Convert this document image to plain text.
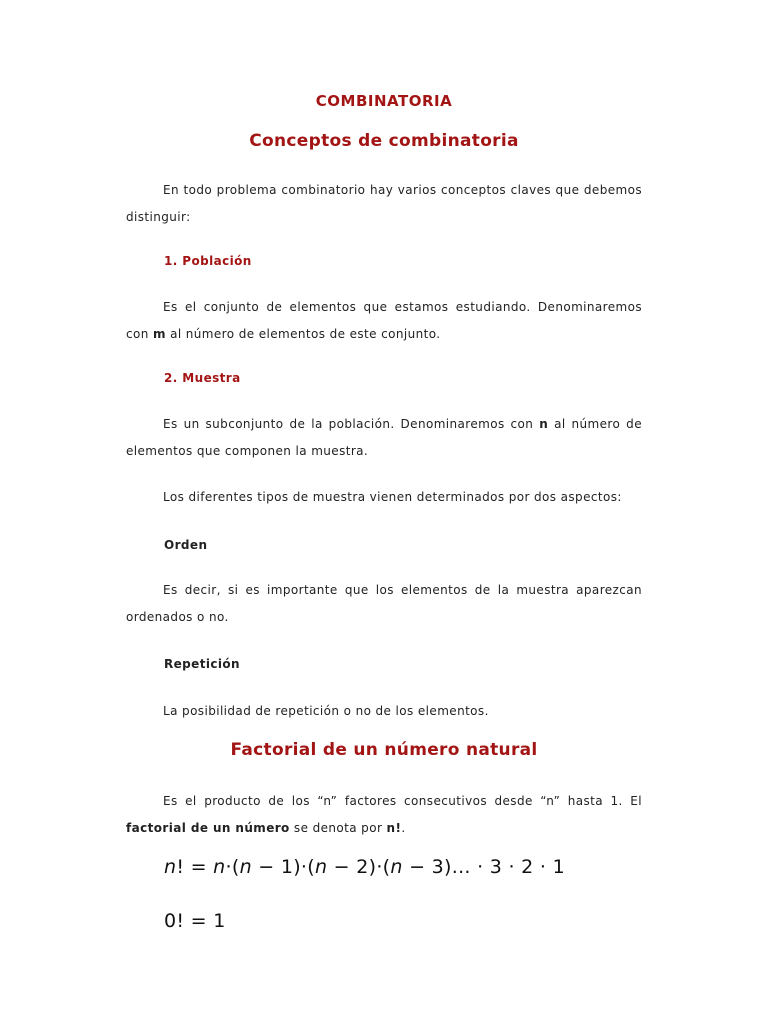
COMBINATORIA
Conceptos de combinatoria

En todo problema combinatorio hay varios conceptos claves que debemos distinguir:

1. Población

Es el conjunto de elementos que estamos estudiando. Denominaremos con m al número de elementos de este conjunto.

2. Muestra

Es un subconjunto de la población. Denominaremos con n al número de elementos que componen la muestra.

Los diferentes tipos de muestra vienen determinados por dos aspectos:

Orden

Es decir, si es importante que los elementos de la muestra aparezcan ordenados o no.

Repetición

La posibilidad de repetición o no de los elementos.

Factorial de un número natural

Es el producto de los “n” factores consecutivos desde “n” hasta 1. El factorial de un número se denota por n!.

n! = n·(n − 1)·(n − 2)·(n − 3)... · 3 · 2 · 1
0! = 1
